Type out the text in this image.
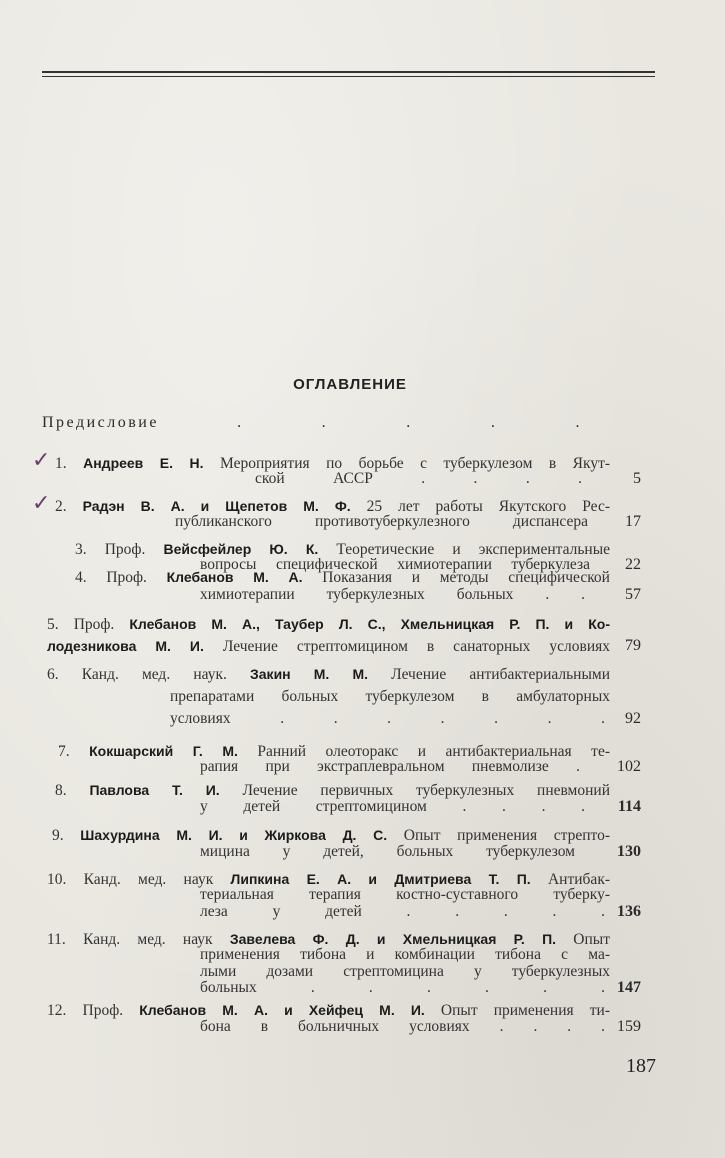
ОГЛАВЛЕНИЕ
Предисловие	. . . . .
1. Андреев Е. Н. Мероприятия по борьбе с туберкулезом в Якут-
ской АССР . . . .	5
✓
2. Радэн В. А. и Щепетов М. Ф. 25 лет работы Якутского Рес-
публиканского противотуберкулезного диспансера 17
✓
3. Проф. Вейсфейлер Ю. К. Теоретические и экспериментальные
вопросы специфической химиотерапии туберкулеза 22
4. Проф. Клебанов М. А. Показания и методы специфической
химиотерапии туберкулезных больных . .	57
5. Проф. Клебанов М. А., Таубер Л. С., Хмельницкая Р. П. и Ко-
лодезникова М. И. Лечение стрептомицином в санаторных условиях 79
6. Канд. мед. наук. Закин М. М. Лечение антибактериальными
препаратами больных туберкулезом в амбулаторных
условиях . . . . . . . 92
7. Кокшарский Г. М. Ранний олеоторакс и антибактериальная те-
рапия при экстраплевральном пневмолизе . 102
8. Павлова Т. И. Лечение первичных туберкулезных пневмоний
у детей стрептомицином . . . . 114
9. Шахурдина М. И. и Жиркова Д. С. Опыт применения стрепто-
мицина у детей, больных туберкулезом	130
10. Канд. мед. наук Липкина Е. А. и Дмитриева Т. П. Антибак-
териальная терапия костно-суставного туберку-
леза у детей . . . . . 136
11. Канд. мед. наук Завелева Ф. Д. и Хмельницкая Р. П. Опыт
применения тибона и комбинации тибона с ма-
лыми дозами стрептомицина у туберкулезных
больных . . . . . . 147
12. Проф. Клебанов М. А. и Хейфец М. И. Опыт применения ти-
бона в больничных условиях . . . . 159
187
